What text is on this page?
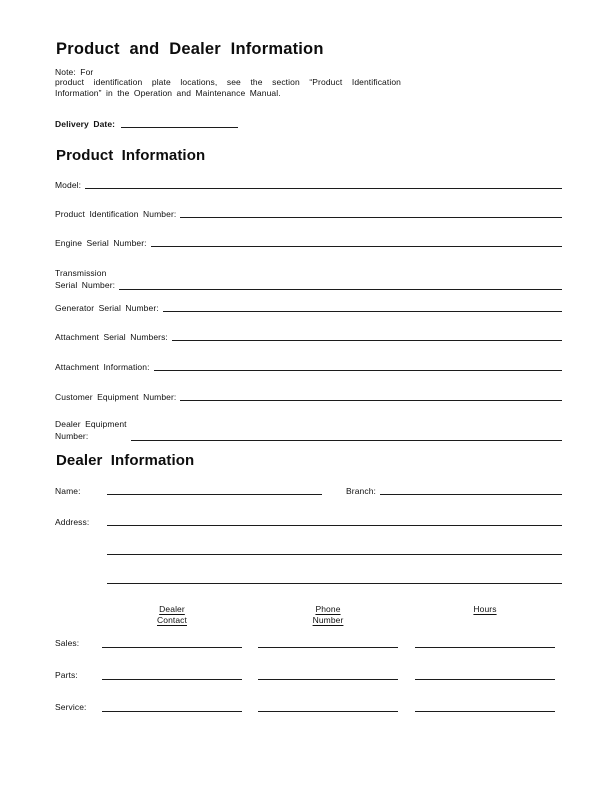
Product and Dealer Information
Note: For
product identification plate locations, see the section “Product Identification
Information” in the Operation and Maintenance Manual.
Delivery Date:
Product Information
Model:
Product Identification Number:
Engine Serial Number:
Transmission
Serial Number:
Generator Serial Number:
Attachment Serial Numbers:
Attachment Information:
Customer Equipment Number:
Dealer Equipment
Number:
Dealer Information
Name:	Branch:
Address:
Dealer
Contact
Phone
Number
Hours
Sales:
Parts:
Service:
